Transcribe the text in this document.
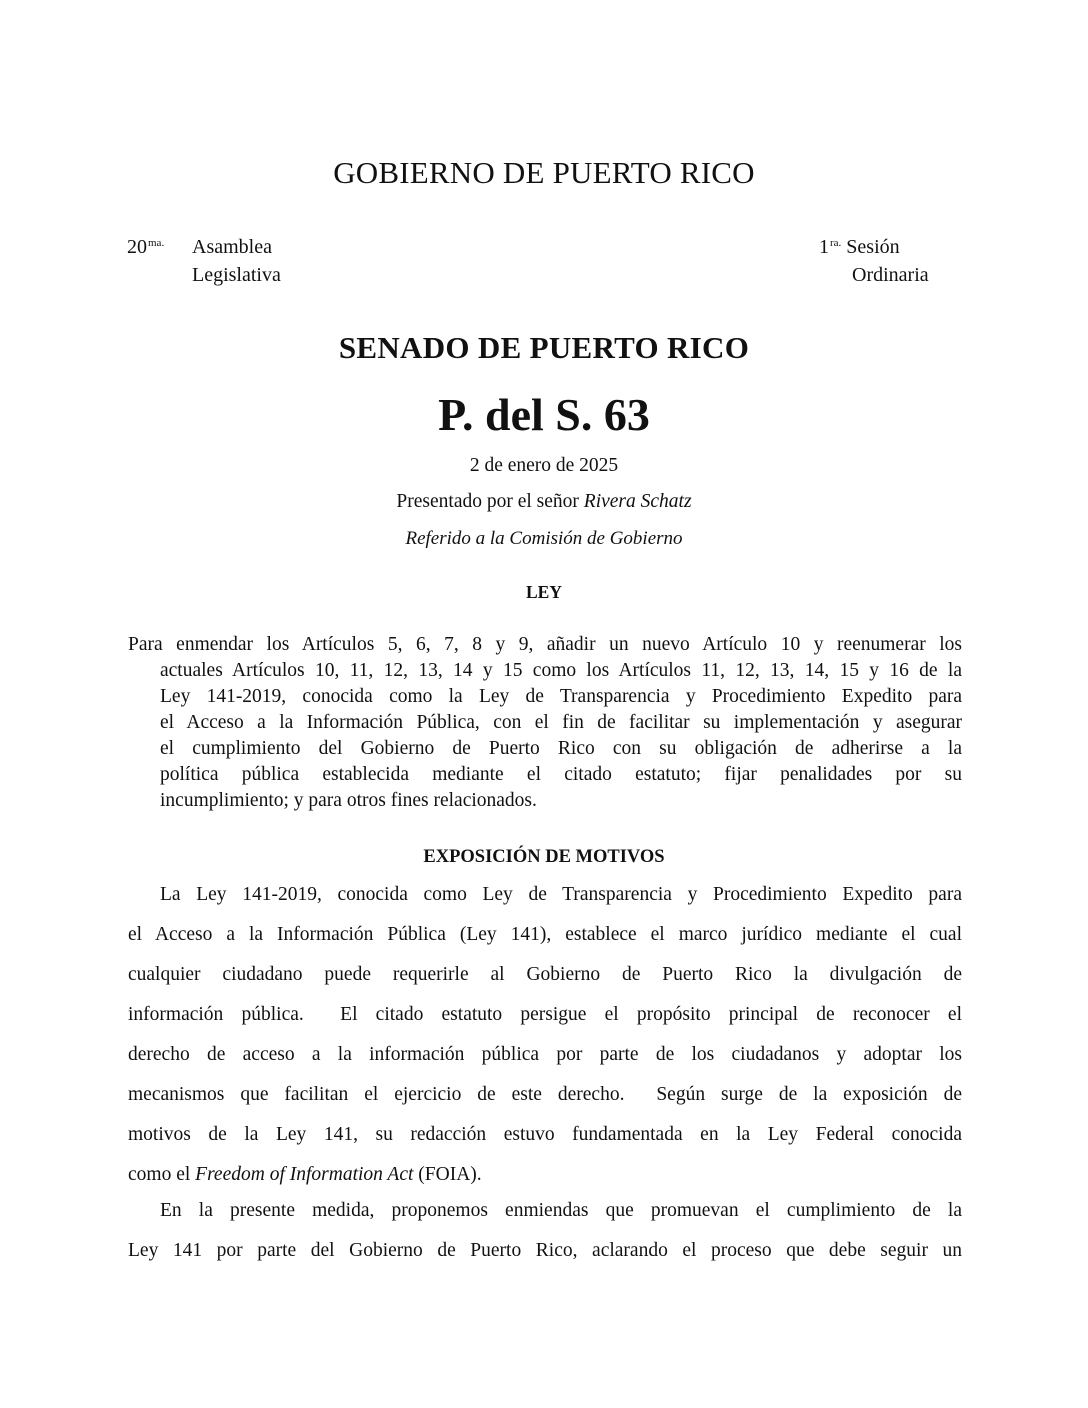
GOBIERNO DE PUERTO RICO
$20^{ma.}$ Asamblea
Legislativa
$1^{ra.}$ Sesión
Ordinaria
SENADO DE PUERTO RICO
P. del S. 63
2 de enero de 2025
Presentado por el señor Rivera Schatz
Referido a la Comisión de Gobierno
LEY
Para enmendar los Artículos 5, 6, 7, 8 y 9, añadir un nuevo Artículo 10 y reenumerar los
actuales Artículos 10, 11, 12, 13, 14 y 15 como los Artículos 11, 12, 13, 14, 15 y 16 de la
Ley 141-2019, conocida como la Ley de Transparencia y Procedimiento Expedito para
el Acceso a la Información Pública, con el fin de facilitar su implementación y asegurar
el cumplimiento del Gobierno de Puerto Rico con su obligación de adherirse a la
política pública establecida mediante el citado estatuto; fijar penalidades por su
incumplimiento; y para otros fines relacionados.
EXPOSICIÓN DE MOTIVOS
La Ley 141-2019, conocida como Ley de Transparencia y Procedimiento Expedito para
el Acceso a la Información Pública (Ley 141), establece el marco jurídico mediante el cual
cualquier ciudadano puede requerirle al Gobierno de Puerto Rico la divulgación de
información pública.  El citado estatuto persigue el propósito principal de reconocer el
derecho de acceso a la información pública por parte de los ciudadanos y adoptar los
mecanismos que facilitan el ejercicio de este derecho.  Según surge de la exposición de
motivos de la Ley 141, su redacción estuvo fundamentada en la Ley Federal conocida
como el Freedom of Information Act (FOIA).
En la presente medida, proponemos enmiendas que promuevan el cumplimiento de la
Ley 141 por parte del Gobierno de Puerto Rico, aclarando el proceso que debe seguir un
